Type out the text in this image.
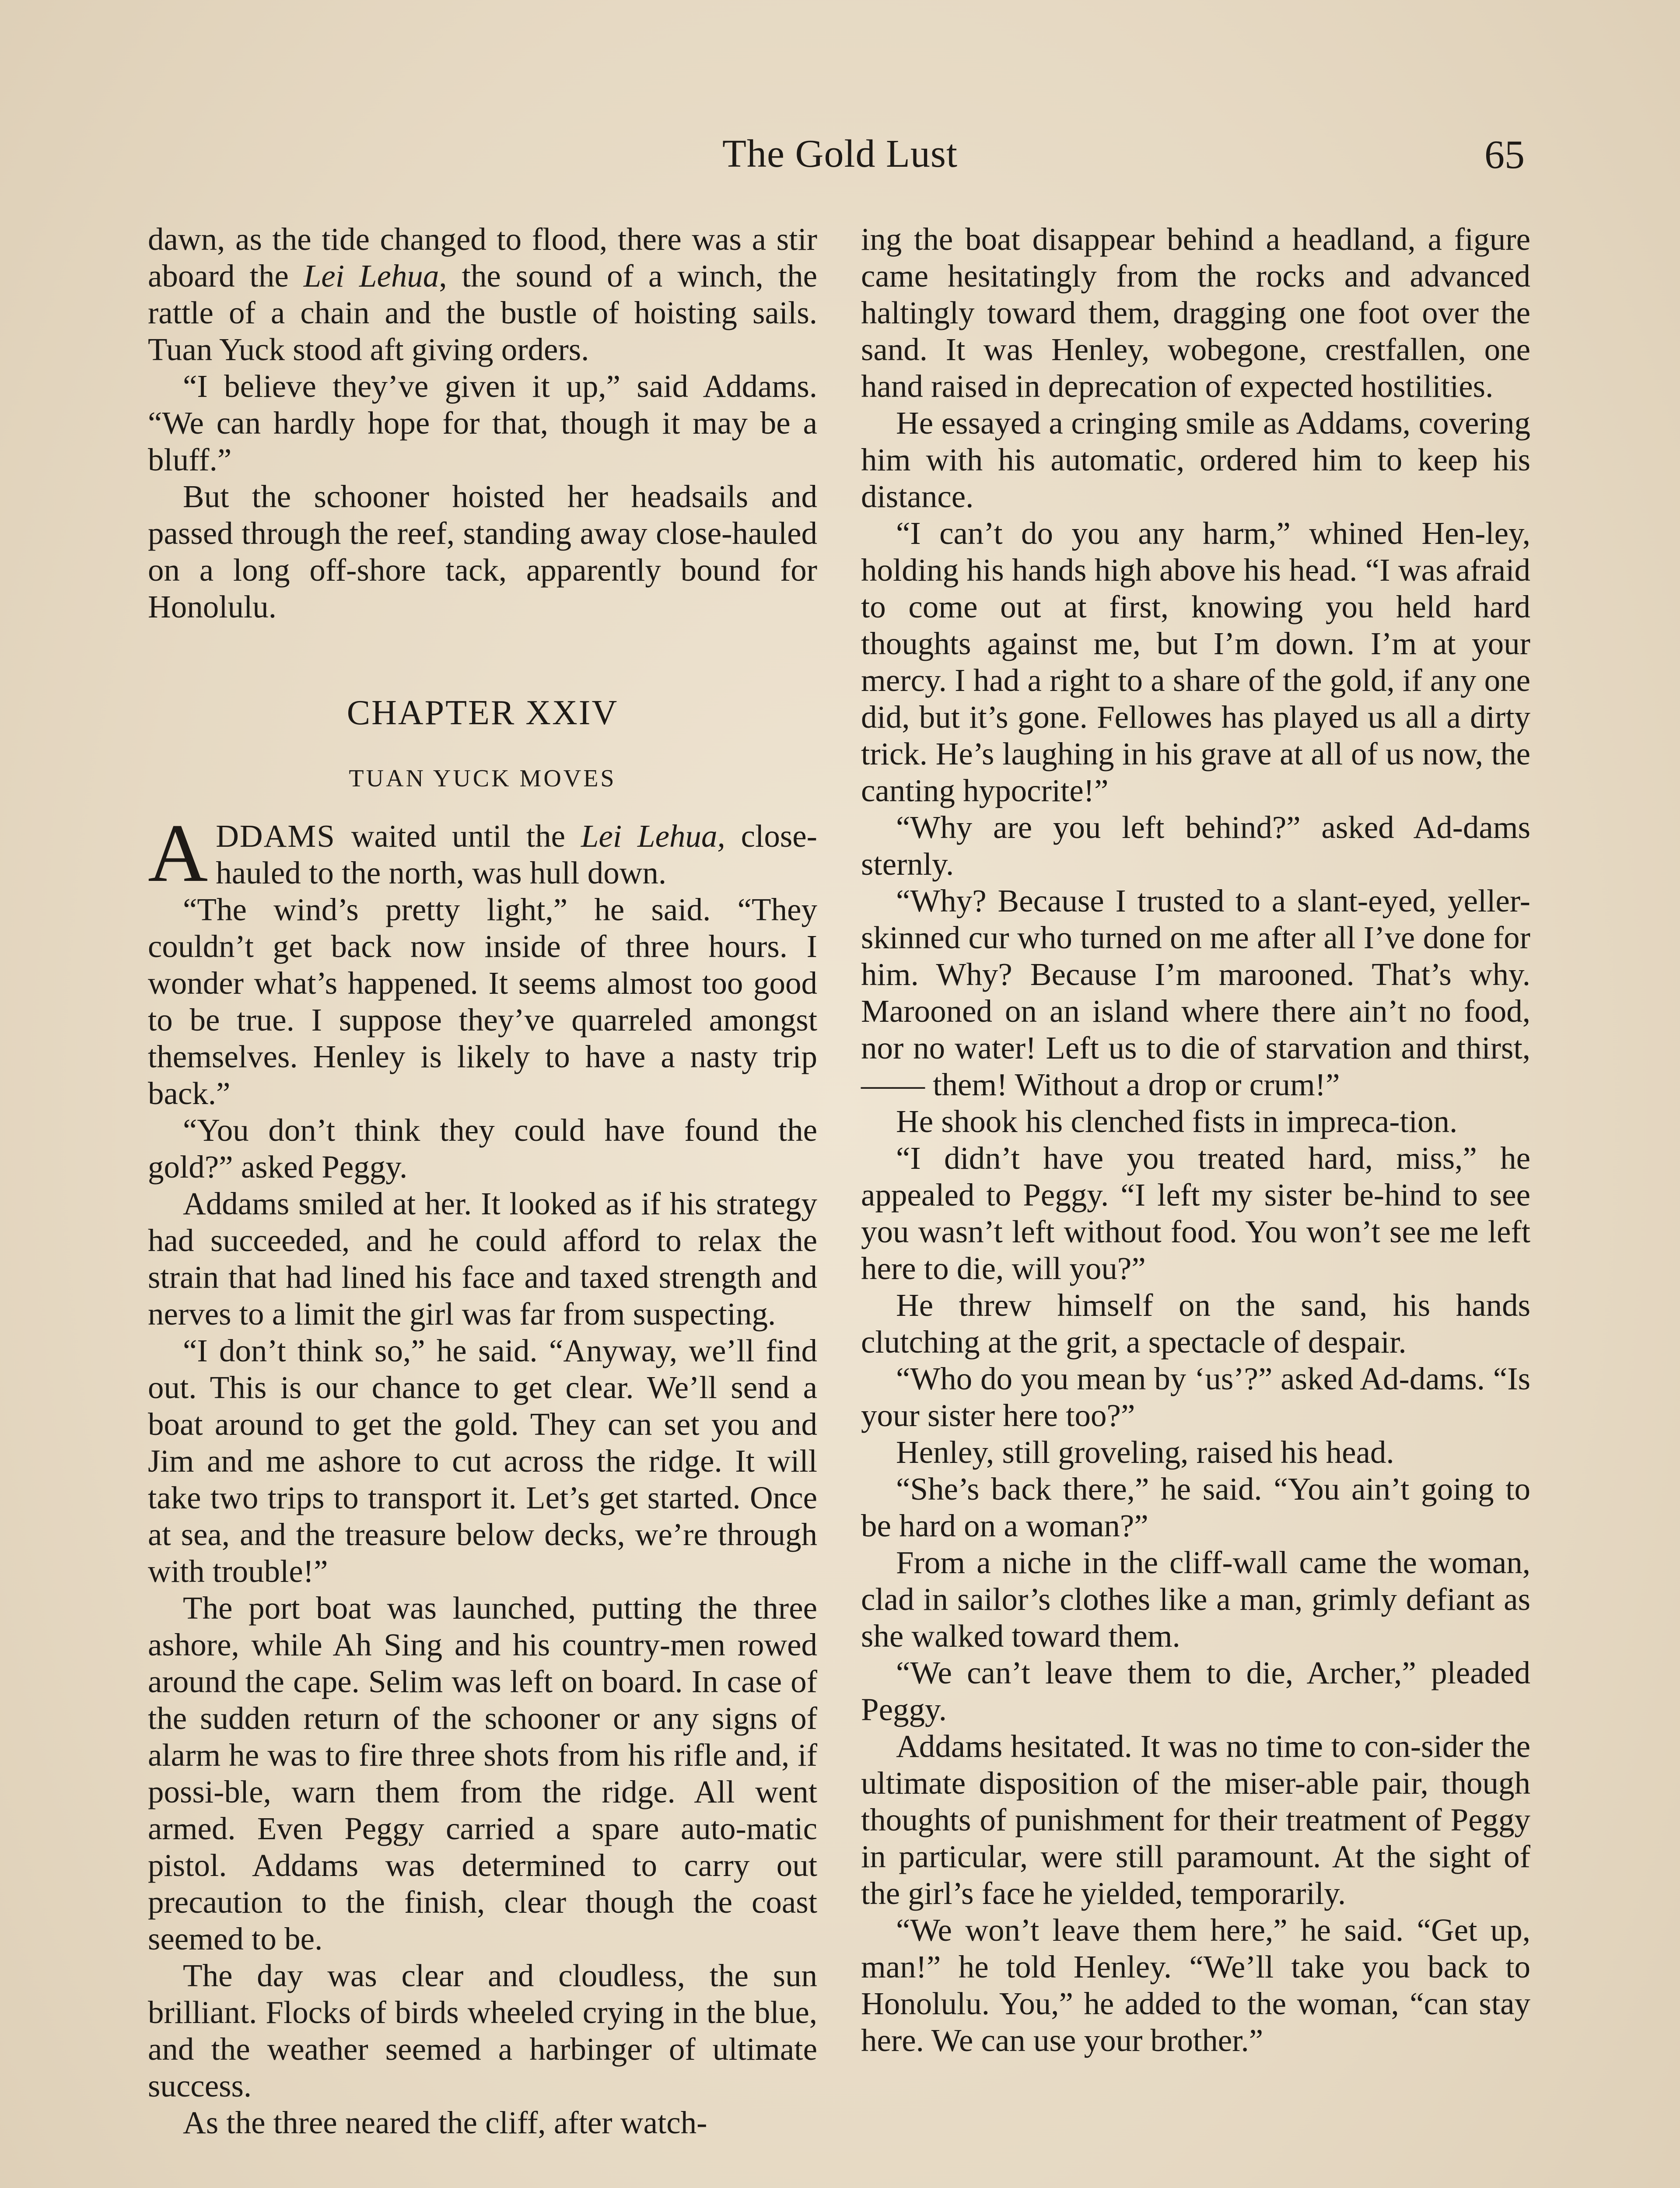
The Gold Lust	65

dawn, as the tide changed to flood, there was a stir aboard the Lei Lehua, the sound of a winch, the rattle of a chain and the bustle of hoisting sails. Tuan Yuck stood aft giving orders.

“I believe they’ve given it up,” said Addams. “We can hardly hope for that, though it may be a bluff.”

But the schooner hoisted her headsails and passed through the reef, standing away close-hauled on a long off-shore tack, apparently bound for Honolulu.

CHAPTER XXIV
TUAN YUCK MOVES

ADDAMS waited until the Lei Lehua, close-hauled to the north, was hull down.

“The wind’s pretty light,” he said. “They couldn’t get back now inside of three hours. I wonder what’s happened. It seems almost too good to be true. I suppose they’ve quarreled amongst themselves. Henley is likely to have a nasty trip back.”

“You don’t think they could have found the gold?” asked Peggy.

Addams smiled at her. It looked as if his strategy had succeeded, and he could afford to relax the strain that had lined his face and taxed strength and nerves to a limit the girl was far from suspecting.

“I don’t think so,” he said. “Anyway, we’ll find out. This is our chance to get clear. We’ll send a boat around to get the gold. They can set you and Jim and me ashore to cut across the ridge. It will take two trips to transport it. Let’s get started. Once at sea, and the treasure below decks, we’re through with trouble!”

The port boat was launched, putting the three ashore, while Ah Sing and his country-men rowed around the cape. Selim was left on board. In case of the sudden return of the schooner or any signs of alarm he was to fire three shots from his rifle and, if possi-ble, warn them from the ridge. All went armed. Even Peggy carried a spare auto-matic pistol. Addams was determined to carry out precaution to the finish, clear though the coast seemed to be.

The day was clear and cloudless, the sun brilliant. Flocks of birds wheeled crying in the blue, and the weather seemed a harbinger of ultimate success.

As the three neared the cliff, after watch-

ing the boat disappear behind a headland, a figure came hesitatingly from the rocks and advanced haltingly toward them, dragging one foot over the sand. It was Henley, wobegone, crestfallen, one hand raised in deprecation of expected hostilities.

He essayed a cringing smile as Addams, covering him with his automatic, ordered him to keep his distance.

“I can’t do you any harm,” whined Hen-ley, holding his hands high above his head. “I was afraid to come out at first, knowing you held hard thoughts against me, but I’m down. I’m at your mercy. I had a right to a share of the gold, if any one did, but it’s gone. Fellowes has played us all a dirty trick. He’s laughing in his grave at all of us now, the canting hypocrite!”

“Why are you left behind?” asked Ad-dams sternly.

“Why? Because I trusted to a slant-eyed, yeller-skinned cur who turned on me after all I’ve done for him. Why? Because I’m marooned. That’s why. Marooned on an island where there ain’t no food, nor no water! Left us to die of starvation and thirst, —— them! Without a drop or crum!”

He shook his clenched fists in impreca-tion.

“I didn’t have you treated hard, miss,” he appealed to Peggy. “I left my sister be-hind to see you wasn’t left without food. You won’t see me left here to die, will you?”

He threw himself on the sand, his hands clutching at the grit, a spectacle of despair.

“Who do you mean by ‘us’?” asked Ad-dams. “Is your sister here too?”

Henley, still groveling, raised his head.

“She’s back there,” he said. “You ain’t going to be hard on a woman?”

From a niche in the cliff-wall came the woman, clad in sailor’s clothes like a man, grimly defiant as she walked toward them.

“We can’t leave them to die, Archer,” pleaded Peggy.

Addams hesitated. It was no time to con-sider the ultimate disposition of the miser-able pair, though thoughts of punishment for their treatment of Peggy in particular, were still paramount. At the sight of the girl’s face he yielded, temporarily.

“We won’t leave them here,” he said. “Get up, man!” he told Henley. “We’ll take you back to Honolulu. You,” he added to the woman, “can stay here. We can use your brother.”
